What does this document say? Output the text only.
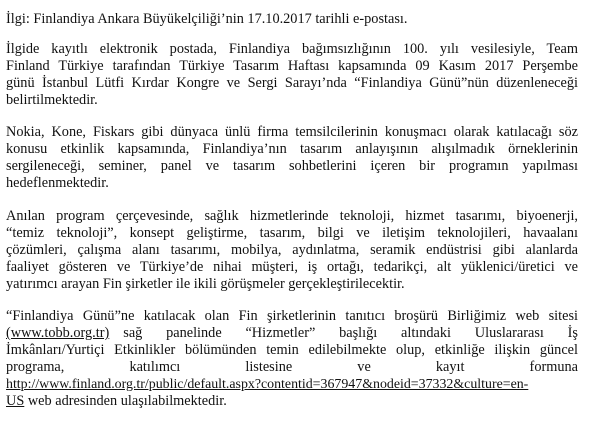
İlgi: Finlandiya Ankara Büyükelçiliği’nin 17.10.2017 tarihli e-postası.
İlgide kayıtlı elektronik postada, Finlandiya bağımsızlığının 100. yılı vesilesiyle, Team
Finland Türkiye tarafından Türkiye Tasarım Haftası kapsamında 09 Kasım 2017 Perşembe
günü İstanbul Lütfi Kırdar Kongre ve Sergi Sarayı’nda “Finlandiya Günü”nün düzenleneceği
belirtilmektedir.
Nokia, Kone, Fiskars gibi dünyaca ünlü firma temsilcilerinin konuşmacı olarak katılacağı söz
konusu etkinlik kapsamında, Finlandiya’nın tasarım anlayışının alışılmadık örneklerinin
sergileneceği, seminer, panel ve tasarım sohbetlerini içeren bir programın yapılması
hedeflenmektedir.
Anılan program çerçevesinde, sağlık hizmetlerinde teknoloji, hizmet tasarımı, biyoenerji,
“temiz teknoloji”, konsept geliştirme, tasarım, bilgi ve iletişim teknolojileri, havaalanı
çözümleri, çalışma alanı tasarımı, mobilya, aydınlatma, seramik endüstrisi gibi alanlarda
faaliyet gösteren ve Türkiye’de nihai müşteri, iş ortağı, tedarikçi, alt yüklenici/üretici ve
yatırımcı arayan Fin şirketler ile ikili görüşmeler gerçekleştirilecektir.
“Finlandiya Günü”ne katılacak olan Fin şirketlerinin tanıtıcı broşürü Birliğimiz web sitesi
(www.tobb.org.tr) sağ panelinde “Hizmetler” başlığı altındaki Uluslararası İş
İmkânları/Yurtiçi Etkinlikler bölümünden temin edilebilmekte olup, etkinliğe ilişkin güncel
programa, katılımcı listesine ve kayıt formuna
http://www.finland.org.tr/public/default.aspx?contentid=367947&nodeid=37332&culture=en-
US web adresinden ulaşılabilmektedir.
